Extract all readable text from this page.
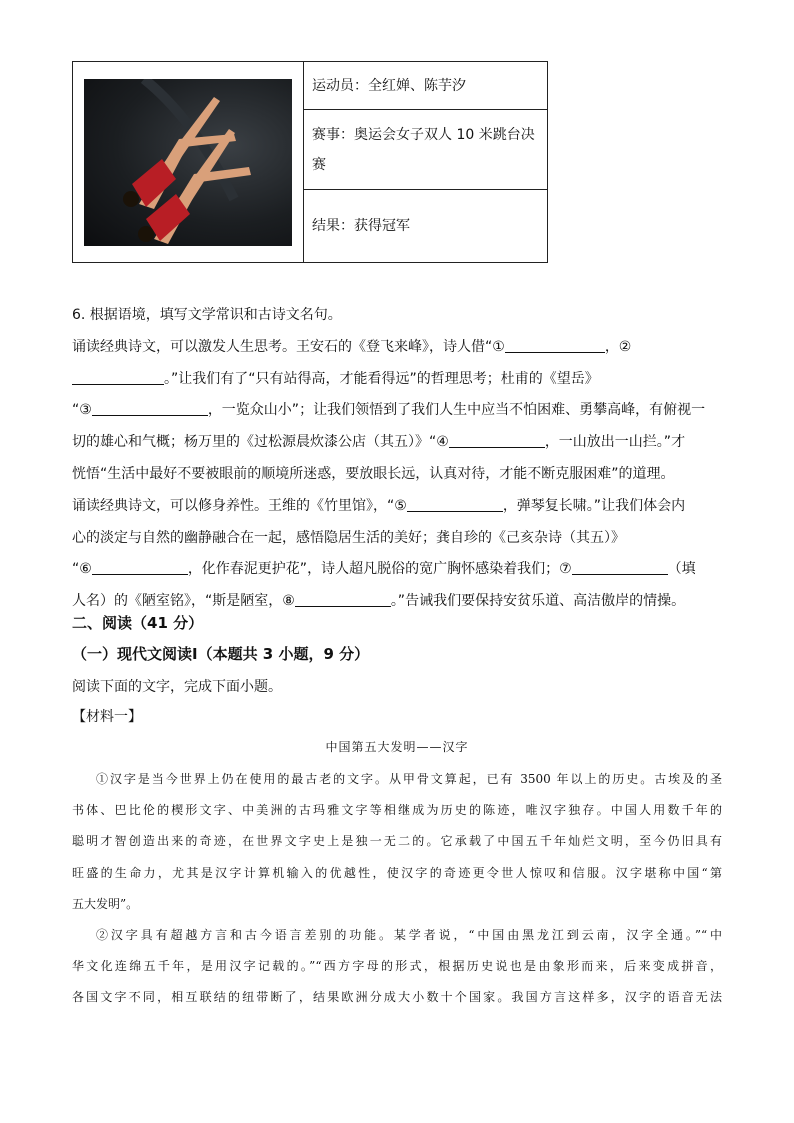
运动员：全红婵、陈芋汐
赛事：奥运会女子双人 10 米跳台决
赛
结果：获得冠军
6. 根据语境，填写文学常识和古诗文名句。
诵读经典诗文，可以激发人生思考。王安石的《登飞来峰》，诗人借“①	，②
。”让我们有了“只有站得高，才能看得远”的哲理思考；杜甫的《望岳》
“③	，一览众山小”；让我们领悟到了我们人生中应当不怕困难、勇攀高峰，有俯视一
切的雄心和气概；杨万里的《过松源晨炊漆公店（其五）》“④	，一山放出一山拦。”才
恍悟“生活中最好不要被眼前的顺境所迷惑，要放眼长远，认真对待，才能不断克服困难”的道理。
诵读经典诗文，可以修身养性。王维的《竹里馆》，“⑤	，弹琴复长啸。”让我们体会内
心的淡定与自然的幽静融合在一起，感悟隐居生活的美好；龚自珍的《己亥杂诗（其五）》
“⑥	，化作春泥更护花”，诗人超凡脱俗的宽广胸怀感染着我们；⑦	（填
人名）的《陋室铭》，“斯是陋室，⑧	。”告诫我们要保持安贫乐道、高洁傲岸的情操。
二、阅读（41 分）
（一）现代文阅读Ⅰ（本题共 3 小题，9 分）
阅读下面的文字，完成下面小题。
【材料一】
中国第五大发明——汉字
①汉字是当今世界上仍在使用的最古老的文字。从甲骨文算起，已有 3500 年以上的历史。古埃及的圣
书体、巴比伦的楔形文字、中美洲的古玛雅文字等相继成为历史的陈迹，唯汉字独存。中国人用数千年的
聪明才智创造出来的奇迹，在世界文字史上是独一无二的。它承载了中国五千年灿烂文明，至今仍旧具有
旺盛的生命力，尤其是汉字计算机输入的优越性，使汉字的奇迹更令世人惊叹和信服。汉字堪称中国“第
五大发明”。
②汉字具有超越方言和古今语言差别的功能。某学者说，“中国由黑龙江到云南，汉字全通。”“中
华文化连绵五千年，是用汉字记载的。”“西方字母的形式，根据历史说也是由象形而来，后来变成拼音，
各国文字不同，相互联结的纽带断了，结果欧洲分成大小数十个国家。我国方言这样多，汉字的语音无法
